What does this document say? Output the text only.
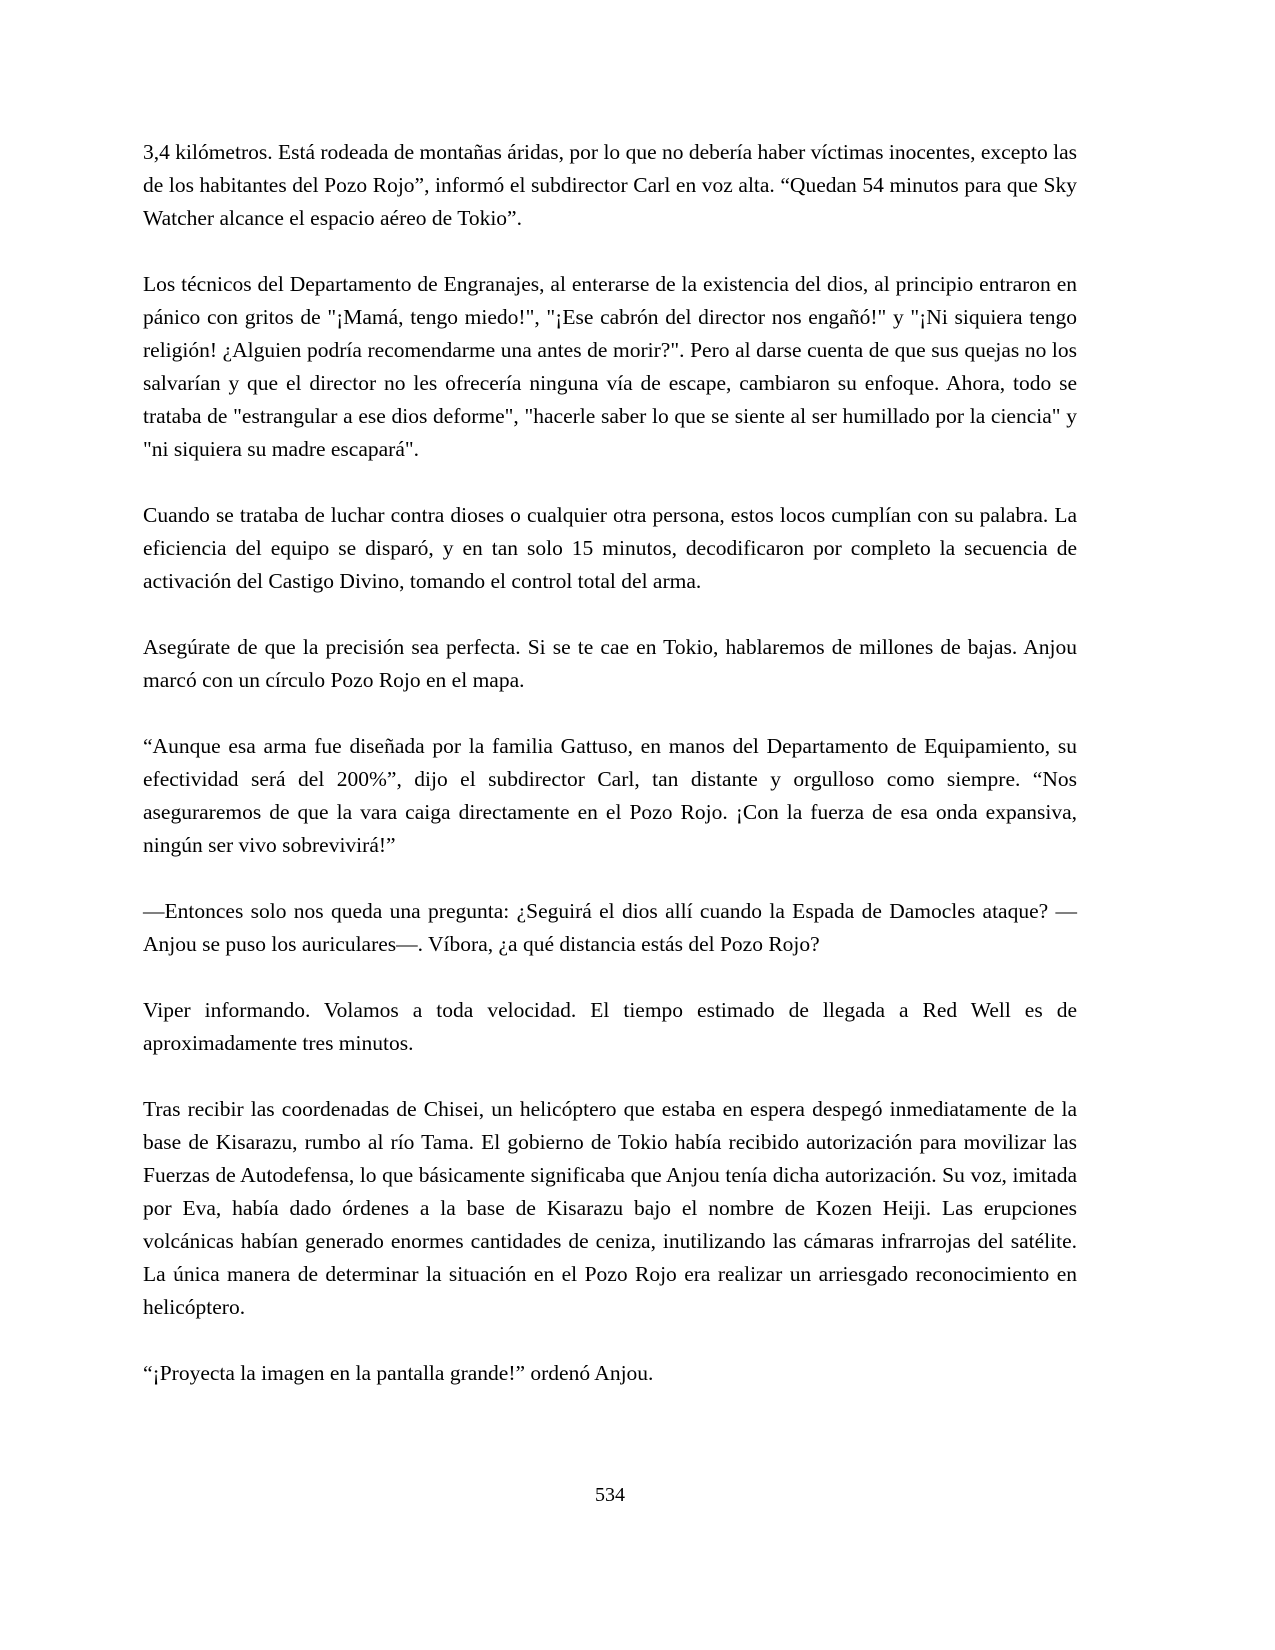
3,4 kilómetros. Está rodeada de montañas áridas, por lo que no debería haber víctimas inocentes, excepto las de los habitantes del Pozo Rojo”, informó el subdirector Carl en voz alta. “Quedan 54 minutos para que Sky Watcher alcance el espacio aéreo de Tokio”.

Los técnicos del Departamento de Engranajes, al enterarse de la existencia del dios, al principio entraron en pánico con gritos de "¡Mamá, tengo miedo!", "¡Ese cabrón del director nos engañó!" y "¡Ni siquiera tengo religión! ¿Alguien podría recomendarme una antes de morir?". Pero al darse cuenta de que sus quejas no los salvarían y que el director no les ofrecería ninguna vía de escape, cambiaron su enfoque. Ahora, todo se trataba de "estrangular a ese dios deforme", "hacerle saber lo que se siente al ser humillado por la ciencia" y "ni siquiera su madre escapará".

Cuando se trataba de luchar contra dioses o cualquier otra persona, estos locos cumplían con su palabra. La eficiencia del equipo se disparó, y en tan solo 15 minutos, decodificaron por completo la secuencia de activación del Castigo Divino, tomando el control total del arma.

Asegúrate de que la precisión sea perfecta. Si se te cae en Tokio, hablaremos de millones de bajas. Anjou marcó con un círculo Pozo Rojo en el mapa.

“Aunque esa arma fue diseñada por la familia Gattuso, en manos del Departamento de Equipamiento, su efectividad será del 200%”, dijo el subdirector Carl, tan distante y orgulloso como siempre. “Nos aseguraremos de que la vara caiga directamente en el Pozo Rojo. ¡Con la fuerza de esa onda expansiva, ningún ser vivo sobrevivirá!”

—Entonces solo nos queda una pregunta: ¿Seguirá el dios allí cuando la Espada de Damocles ataque? —Anjou se puso los auriculares—. Víbora, ¿a qué distancia estás del Pozo Rojo?

Viper informando. Volamos a toda velocidad. El tiempo estimado de llegada a Red Well es de aproximadamente tres minutos.

Tras recibir las coordenadas de Chisei, un helicóptero que estaba en espera despegó inmediatamente de la base de Kisarazu, rumbo al río Tama. El gobierno de Tokio había recibido autorización para movilizar las Fuerzas de Autodefensa, lo que básicamente significaba que Anjou tenía dicha autorización. Su voz, imitada por Eva, había dado órdenes a la base de Kisarazu bajo el nombre de Kozen Heiji. Las erupciones volcánicas habían generado enormes cantidades de ceniza, inutilizando las cámaras infrarrojas del satélite. La única manera de determinar la situación en el Pozo Rojo era realizar un arriesgado reconocimiento en helicóptero.

“¡Proyecta la imagen en la pantalla grande!” ordenó Anjou.

534
